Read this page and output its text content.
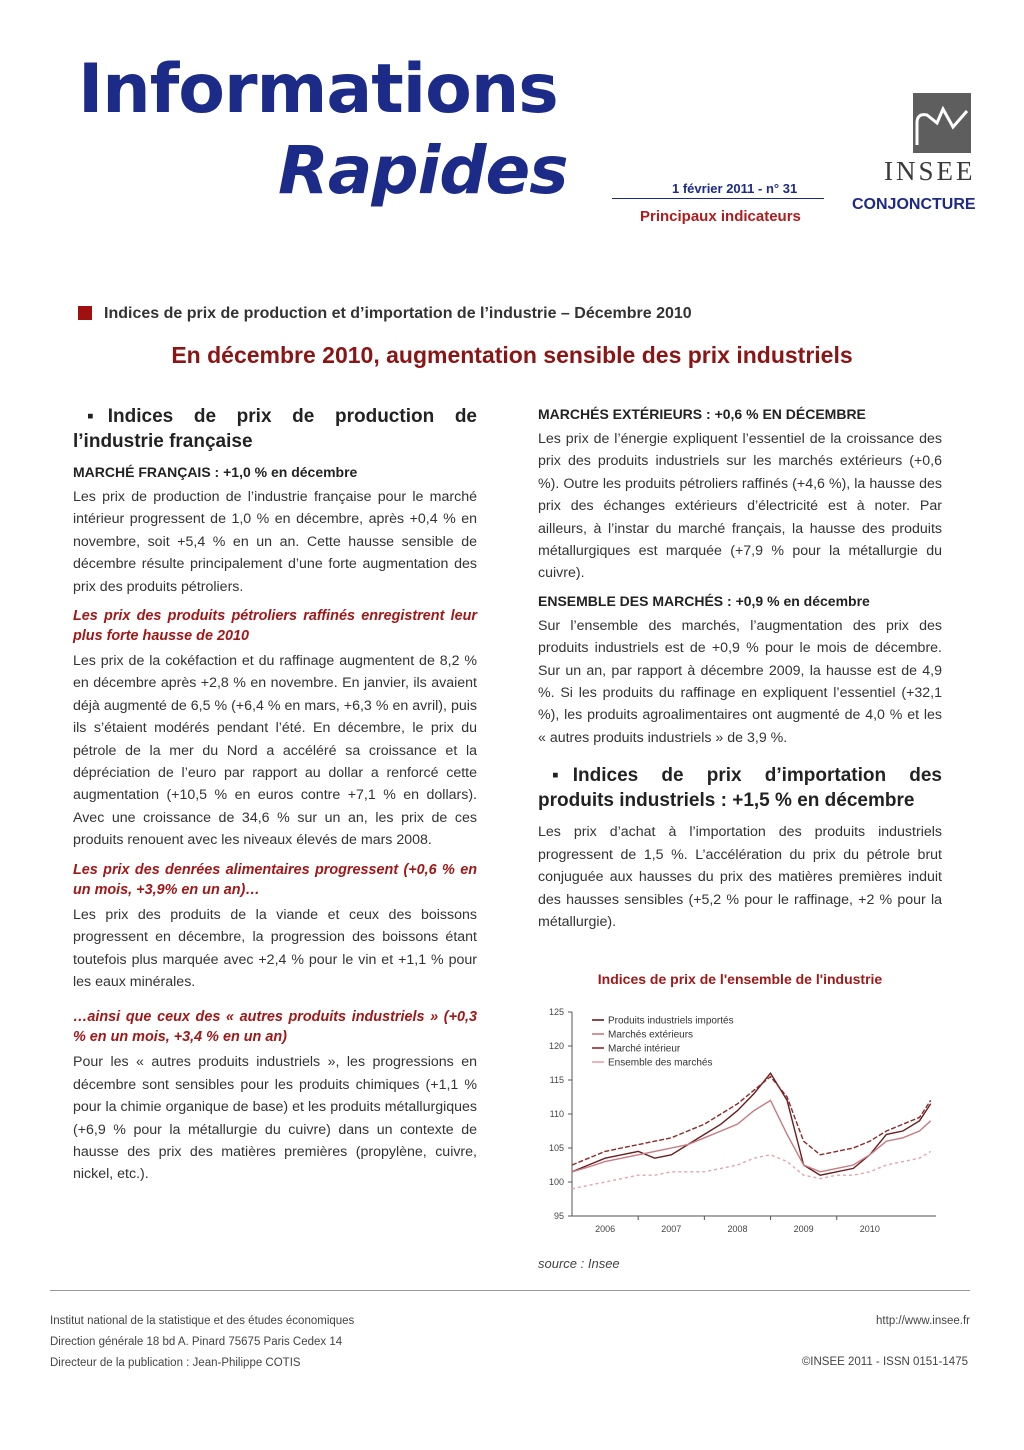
Informations
Rapides	1 février 2011 - n° 31
Principaux indicateurs
INSEE
CONJONCTURE
Indices de prix de production et d’importation de l’industrie – Décembre 2010
En décembre 2010, augmentation sensible des prix industriels
▪ Indices de prix de production de l’industrie française
MARCHÉ FRANÇAIS : +1,0 % en décembre

Les prix de production de l’industrie française pour le marché intérieur progressent de 1,0 % en décembre, après +0,4 % en novembre, soit +5,4 % en un an. Cette hausse sensible de décembre résulte principalement d’une forte augmentation des prix des produits pétroliers.

Les prix des produits pétroliers raffinés enregistrent leur plus forte hausse de 2010

Les prix de la cokéfaction et du raffinage augmentent de 8,2 % en décembre après +2,8 % en novembre. En janvier, ils avaient déjà augmenté de 6,5 % (+6,4 % en mars, +6,3 % en avril), puis ils s’étaient modérés pendant l’été. En décembre, le prix du pétrole de la mer du Nord a accéléré sa croissance et la dépréciation de l’euro par rapport au dollar a renforcé cette augmentation (+10,5 % en euros contre +7,1 % en dollars). Avec une croissance de 34,6 % sur un an, les prix de ces produits renouent avec les niveaux élevés de mars 2008.

Les prix des denrées alimentaires progressent (+0,6 % en un mois, +3,9% en un an)…

Les prix des produits de la viande et ceux des boissons progressent en décembre, la progression des boissons étant toutefois plus marquée avec +2,4 % pour le vin et +1,1 % pour les eaux minérales.

…ainsi que ceux des « autres produits industriels » (+0,3 % en un mois, +3,4 % en un an)

Pour les « autres produits industriels », les progressions en décembre sont sensibles pour les produits chimiques (+1,1 % pour la chimie organique de base) et les produits métallurgiques (+6,9 % pour la métallurgie du cuivre) dans un contexte de hausse des prix des matières premières (propylène, cuivre, nickel, etc.).

MARCHÉS EXTÉRIEURS : +0,6 % EN DÉCEMBRE

Les prix de l’énergie expliquent l’essentiel de la croissance des prix des produits industriels sur les marchés extérieurs (+0,6 %). Outre les produits pétroliers raffinés (+4,6 %), la hausse des prix des échanges extérieurs d’électricité est à noter. Par ailleurs, à l’instar du marché français, la hausse des produits métallurgiques est marquée (+7,9 % pour la métallurgie du cuivre).

ENSEMBLE DES MARCHÉS : +0,9 % en décembre

Sur l’ensemble des marchés, l’augmentation des prix des produits industriels est de +0,9 % pour le mois de décembre. Sur un an, par rapport à décembre 2009, la hausse est de 4,9 %. Si les produits du raffinage en expliquent l’essentiel (+32,1 %), les produits agroalimentaires ont augmenté de 4,0 % et les « autres produits industriels » de 3,9 %.

▪ Indices de prix d’importation des produits industriels : +1,5 % en décembre

Les prix d’achat à l’importation des produits industriels progressent de 1,5 %. L’accélération du prix du pétrole brut conjuguée aux hausses du prix des matières premières induit des hausses sensibles (+5,2 % pour le raffinage, +2 % pour la métallurgie).

Indices de prix de l'ensemble de l'industrie
95
100
105
110
115
120
125
2006	2007	2008	2009	2010
Produits industriels importés
Marchés extérieurs
Marché intérieur
Ensemble des marchés
source : Insee
Institut national de la statistique et des études économiques
Direction générale 18 bd A. Pinard 75675 Paris Cedex 14
Directeur de la publication : Jean-Philippe COTIS
http://www.insee.fr
©INSEE 2011 - ISSN 0151-1475
